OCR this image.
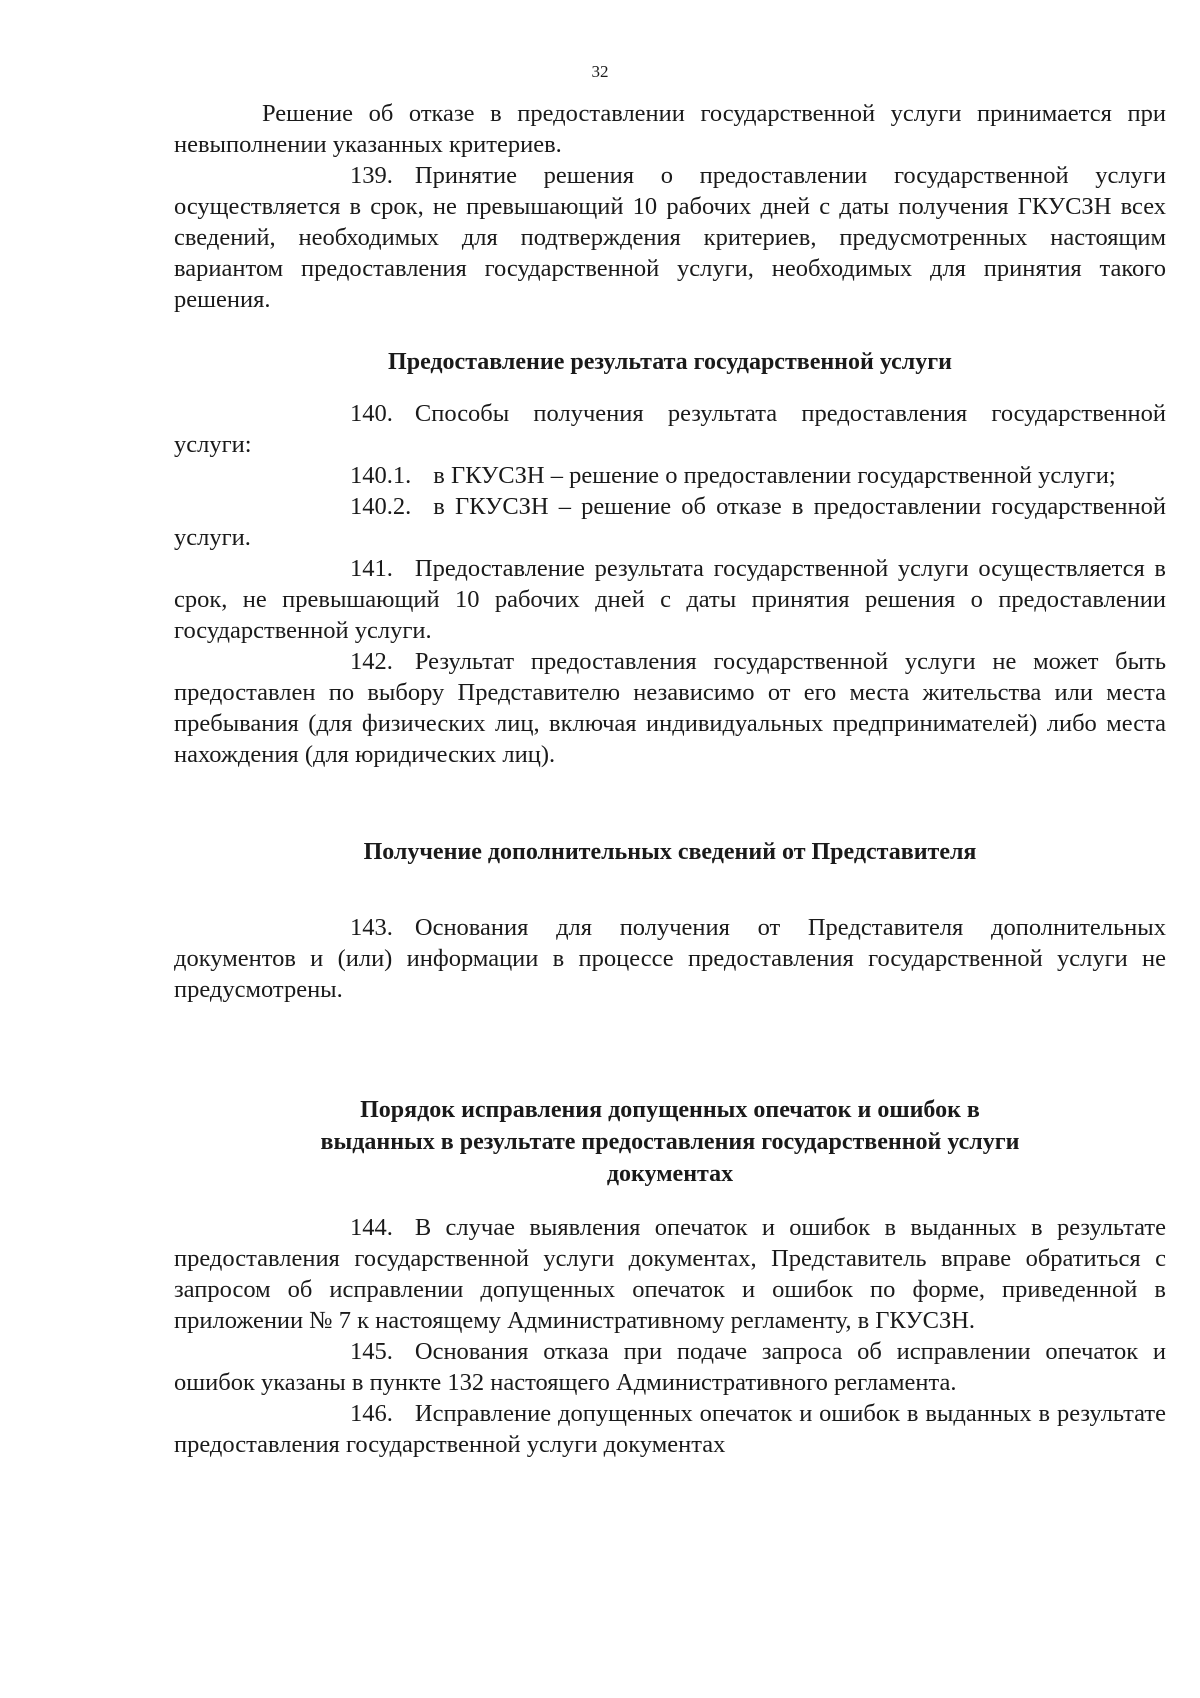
32

Решение об отказе в предоставлении государственной услуги принимается при невыполнении указанных критериев.

139. Принятие решения о предоставлении государственной услуги осуществляется в срок, не превышающий 10 рабочих дней с даты получения ГКУСЗН всех сведений, необходимых для подтверждения критериев, предусмотренных настоящим вариантом предоставления государственной услуги, необходимых для принятия такого решения.

Предоставление результата государственной услуги

140. Способы получения результата предоставления государственной услуги:

140.1. в ГКУСЗН – решение о предоставлении государственной услуги;

140.2. в ГКУСЗН – решение об отказе в предоставлении государственной услуги.

141. Предоставление результата государственной услуги осуществляется в срок, не превышающий 10 рабочих дней с даты принятия решения о предоставлении государственной услуги.

142. Результат предоставления государственной услуги не может быть предоставлен по выбору Представителю независимо от его места жительства или места пребывания (для физических лиц, включая индивидуальных предпринимателей) либо места нахождения (для юридических лиц).

Получение дополнительных сведений от Представителя

143. Основания для получения от Представителя дополнительных документов и (или) информации в процессе предоставления государственной услуги не предусмотрены.

Порядок исправления допущенных опечаток и ошибок в
выданных в результате предоставления государственной услуги
документах

144. В случае выявления опечаток и ошибок в выданных в результате предоставления государственной услуги документах, Представитель вправе обратиться с запросом об исправлении допущенных опечаток и ошибок по форме, приведенной в приложении № 7 к настоящему Административному регламенту, в ГКУСЗН.

145. Основания отказа при подаче запроса об исправлении опечаток и ошибок указаны в пункте 132 настоящего Административного регламента.

146. Исправление допущенных опечаток и ошибок в выданных в результате предоставления государственной услуги документах
